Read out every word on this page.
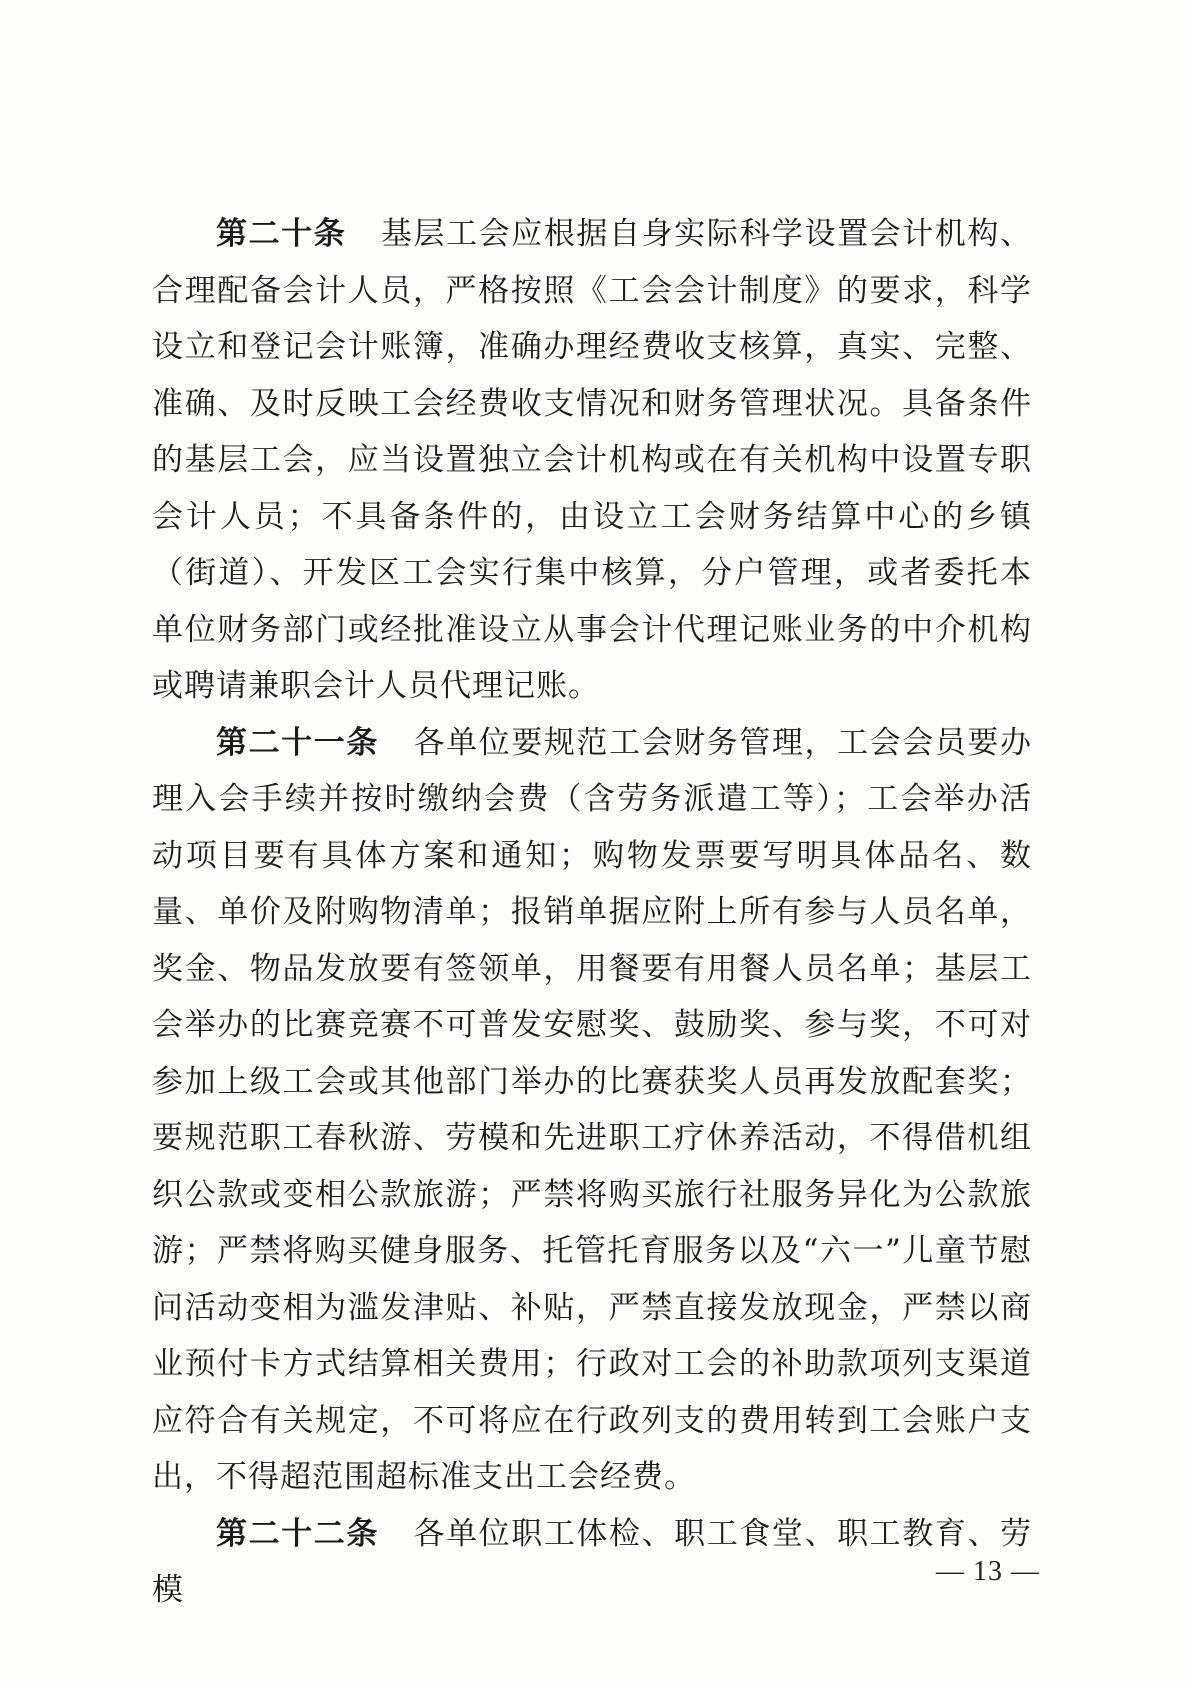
第二十条 基层工会应根据自身实际科学设置会计机构、合理配备会计人员，严格按照《工会会计制度》的要求，科学设立和登记会计账簿，准确办理经费收支核算，真实、完整、准确、及时反映工会经费收支情况和财务管理状况。具备条件的基层工会，应当设置独立会计机构或在有关机构中设置专职会计人员；不具备条件的，由设立工会财务结算中心的乡镇（街道）、开发区工会实行集中核算，分户管理，或者委托本单位财务部门或经批准设立从事会计代理记账业务的中介机构或聘请兼职会计人员代理记账。

第二十一条 各单位要规范工会财务管理，工会会员要办理入会手续并按时缴纳会费（含劳务派遣工等）；工会举办活动项目要有具体方案和通知；购物发票要写明具体品名、数量、单价及附购物清单；报销单据应附上所有参与人员名单，奖金、物品发放要有签领单，用餐要有用餐人员名单；基层工会举办的比赛竞赛不可普发安慰奖、鼓励奖、参与奖，不可对参加上级工会或其他部门举办的比赛获奖人员再发放配套奖；要规范职工春秋游、劳模和先进职工疗休养活动，不得借机组织公款或变相公款旅游；严禁将购买旅行社服务异化为公款旅游；严禁将购买健身服务、托管托育服务以及“六一”儿童节慰问活动变相为滥发津贴、补贴，严禁直接发放现金，严禁以商业预付卡方式结算相关费用；行政对工会的补助款项列支渠道应符合有关规定，不可将应在行政列支的费用转到工会账户支出，不得超范围超标准支出工会经费。

第二十二条 各单位职工体检、职工食堂、职工教育、劳模

— 13 —
